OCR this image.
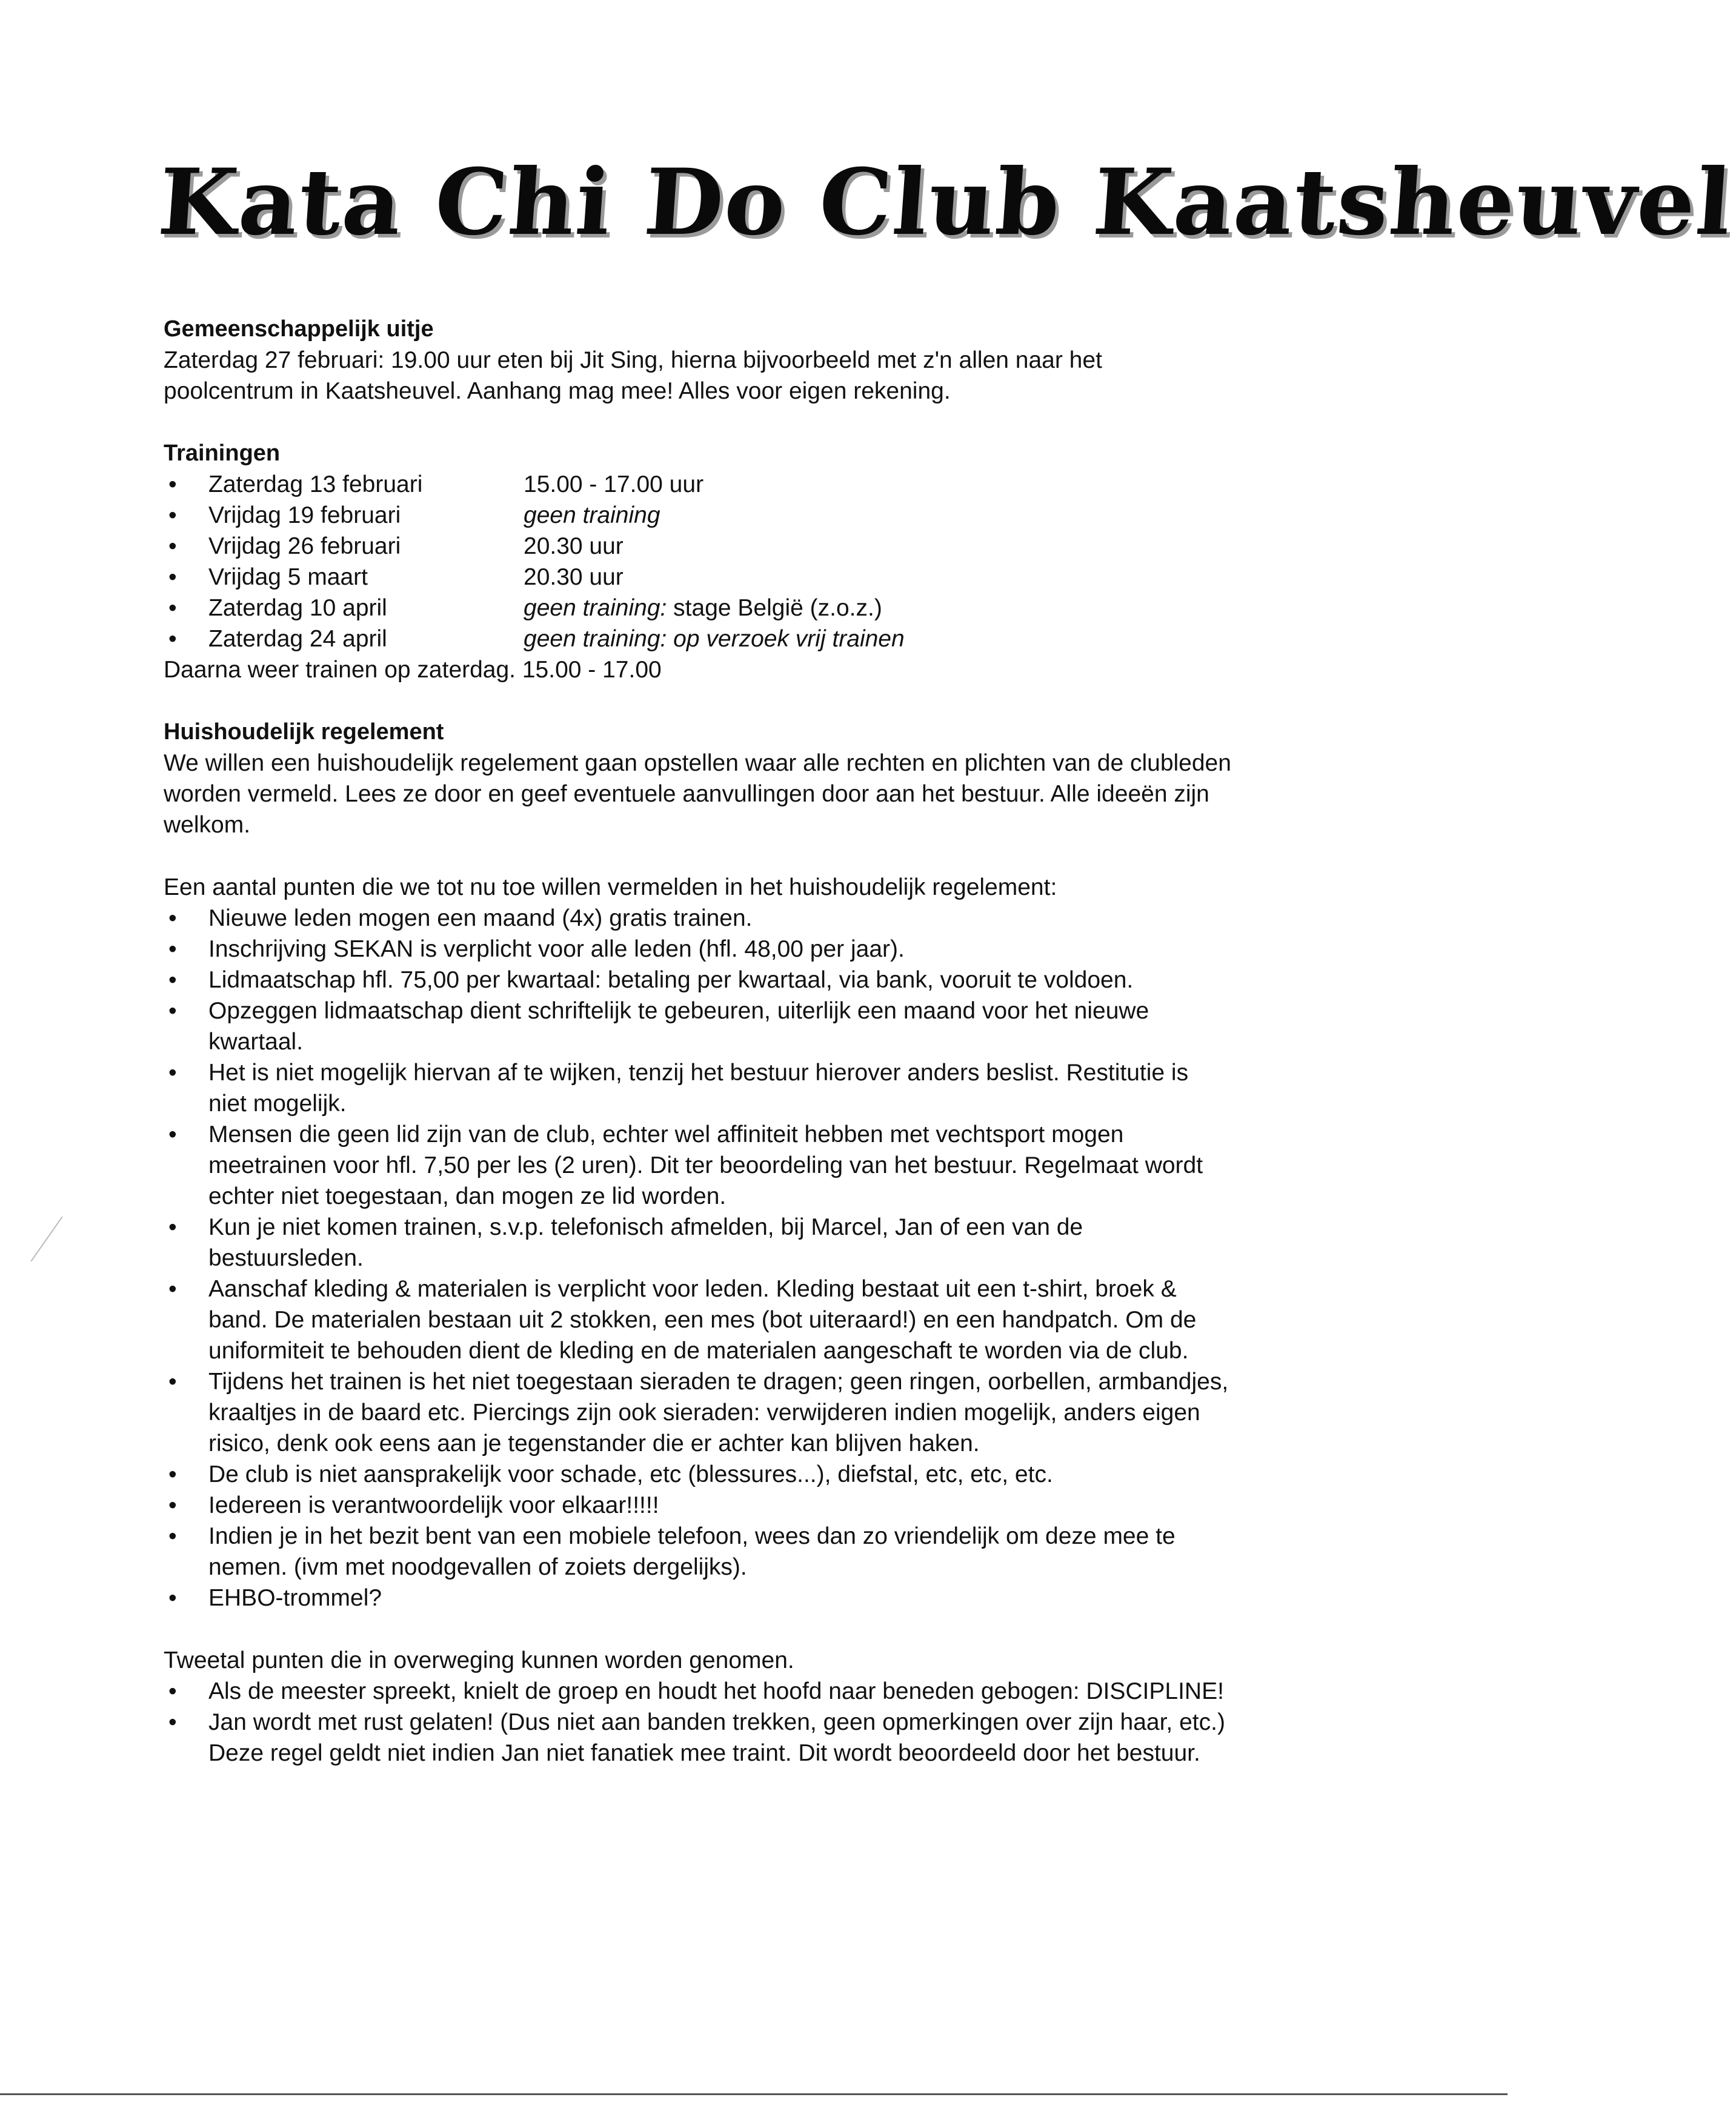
Kata Chi Do Club Kaatsheuvel

Gemeenschappelijk uitje

Zaterdag 27 februari: 19.00 uur eten bij Jit Sing, hierna bijvoorbeeld met z'n allen naar het

poolcentrum in Kaatsheuvel. Aanhang mag mee! Alles voor eigen rekening.

Trainingen

•	Zaterdag 13 februari	15.00 - 17.00 uur
•	Vrijdag 19 februari	geen training
•	Vrijdag 26 februari	20.30 uur
•	Vrijdag 5 maart	20.30 uur
•	Zaterdag 10 april	geen training: stage België (z.o.z.)
•	Zaterdag 24 april	geen training: op verzoek vrij trainen

Daarna weer trainen op zaterdag. 15.00 - 17.00

Huishoudelijk regelement

We willen een huishoudelijk regelement gaan opstellen waar alle rechten en plichten van de clubleden

worden vermeld. Lees ze door en geef eventuele aanvullingen door aan het bestuur. Alle ideeën zijn

welkom.

Een aantal punten die we tot nu toe willen vermelden in het huishoudelijk regelement:

•	Nieuwe leden mogen een maand (4x) gratis trainen.
•	Inschrijving SEKAN is verplicht voor alle leden (hfl. 48,00 per jaar).
•	Lidmaatschap hfl. 75,00 per kwartaal: betaling per kwartaal, via bank, vooruit te voldoen.
•	Opzeggen lidmaatschap dient schriftelijk te gebeuren, uiterlijk een maand voor het nieuwe
kwartaal.
•	Het is niet mogelijk hiervan af te wijken, tenzij het bestuur hierover anders beslist. Restitutie is
niet mogelijk.
•	Mensen die geen lid zijn van de club, echter wel affiniteit hebben met vechtsport mogen
meetrainen voor hfl. 7,50 per les (2 uren). Dit ter beoordeling van het bestuur. Regelmaat wordt
echter niet toegestaan, dan mogen ze lid worden.
•	Kun je niet komen trainen, s.v.p. telefonisch afmelden, bij Marcel, Jan of een van de
bestuursleden.
•	Aanschaf kleding & materialen is verplicht voor leden. Kleding bestaat uit een t-shirt, broek &
band. De materialen bestaan uit 2 stokken, een mes (bot uiteraard!) en een handpatch. Om de
uniformiteit te behouden dient de kleding en de materialen aangeschaft te worden via de club.
•	Tijdens het trainen is het niet toegestaan sieraden te dragen; geen ringen, oorbellen, armbandjes,
kraaltjes in de baard etc. Piercings zijn ook sieraden: verwijderen indien mogelijk, anders eigen
risico, denk ook eens aan je tegenstander die er achter kan blijven haken.
•	De club is niet aansprakelijk voor schade, etc (blessures...), diefstal, etc, etc, etc.
•	Iedereen is verantwoordelijk voor elkaar!!!!!
•	Indien je in het bezit bent van een mobiele telefoon, wees dan zo vriendelijk om deze mee te
nemen. (ivm met noodgevallen of zoiets dergelijks).
•	EHBO-trommel?

Tweetal punten die in overweging kunnen worden genomen.

•	Als de meester spreekt, knielt de groep en houdt het hoofd naar beneden gebogen: DISCIPLINE!
•	Jan wordt met rust gelaten! (Dus niet aan banden trekken, geen opmerkingen over zijn haar, etc.)
Deze regel geldt niet indien Jan niet fanatiek mee traint. Dit wordt beoordeeld door het bestuur.
